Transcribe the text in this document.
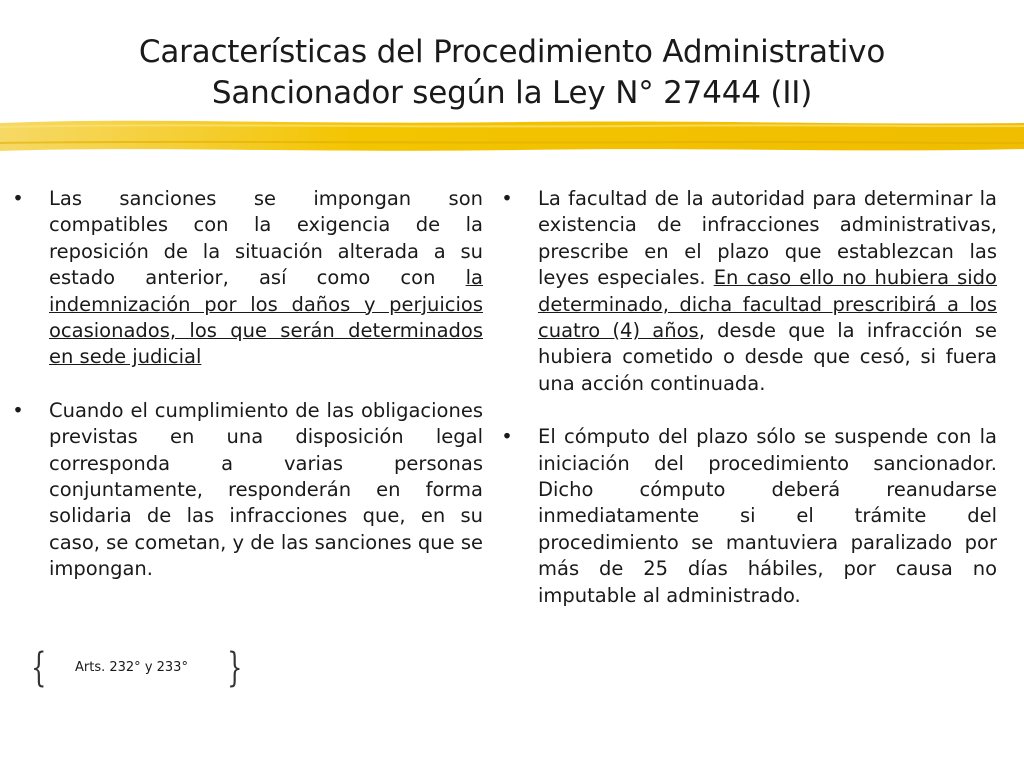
Características del Procedimiento Administrativo
Sancionador según la Ley N° 27444 (II)
• Las sanciones se impongan son compatibles con la exigencia de la reposición de la situación alterada a su estado anterior, así como con la indemnización por los daños y perjuicios ocasionados, los que serán determinados en sede judicial
• Cuando el cumplimiento de las obligaciones previstas en una disposición legal corresponda a varias personas conjuntamente, responderán en forma solidaria de las infracciones que, en su caso, se cometan, y de las sanciones que se impongan.
• La facultad de la autoridad para determinar la existencia de infracciones administrativas, prescribe en el plazo que establezcan las leyes especiales. En caso ello no hubiera sido determinado, dicha facultad prescribirá a los cuatro (4) años, desde que la infracción se hubiera cometido o desde que cesó, si fuera una acción continuada.
• El cómputo del plazo sólo se suspende con la iniciación del procedimiento sancionador. Dicho cómputo deberá reanudarse inmediatamente si el trámite del procedimiento se mantuviera paralizado por más de 25 días hábiles, por causa no imputable al administrado.
{ Arts. 232° y 233° }
